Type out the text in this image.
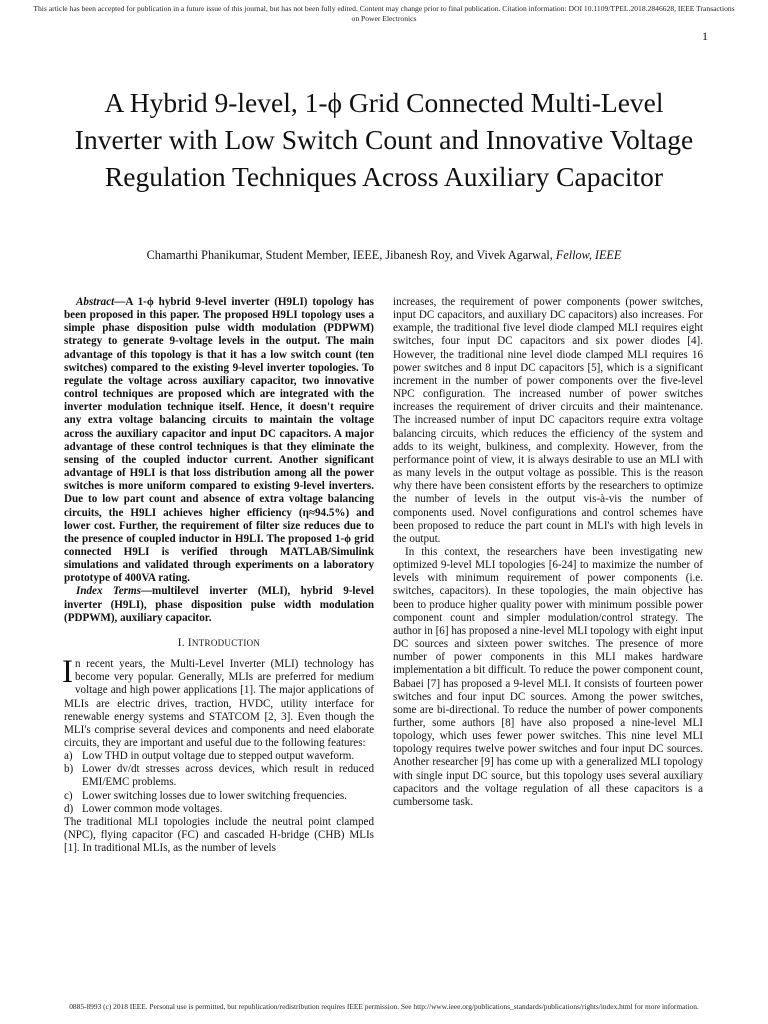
This article has been accepted for publication in a future issue of this journal, but has not been fully edited. Content may change prior to final publication. Citation information: DOI 10.1109/TPEL.2018.2846628, IEEE Transactions on Power Electronics
1
A Hybrid 9-level, 1-ϕ Grid Connected Multi-Level Inverter with Low Switch Count and Innovative Voltage Regulation Techniques Across Auxiliary Capacitor
Chamarthi Phanikumar, Student Member, IEEE, Jibanesh Roy, and Vivek Agarwal, Fellow, IEEE

Abstract—A 1-ϕ hybrid 9-level inverter (H9LI) topology has been proposed in this paper. The proposed H9LI topology uses a simple phase disposition pulse width modulation (PDPWM) strategy to generate 9-voltage levels in the output. The main advantage of this topology is that it has a low switch count (ten switches) compared to the existing 9-level inverter topologies. To regulate the voltage across auxiliary capacitor, two innovative control techniques are proposed which are integrated with the inverter modulation technique itself. Hence, it doesn't require any extra voltage balancing circuits to maintain the voltage across the auxiliary capacitor and input DC capacitors. A major advantage of these control techniques is that they eliminate the sensing of the coupled inductor current. Another significant advantage of H9LI is that loss distribution among all the power switches is more uniform compared to existing 9-level inverters. Due to low part count and absence of extra voltage balancing circuits, the H9LI achieves higher efficiency (η≈94.5%) and lower cost. Further, the requirement of filter size reduces due to the presence of coupled inductor in H9LI. The proposed 1-ϕ grid connected H9LI is verified through MATLAB/Simulink simulations and validated through experiments on a laboratory prototype of 400VA rating.

Index Terms—multilevel inverter (MLI), hybrid 9-level inverter (H9LI), phase disposition pulse width modulation (PDPWM), auxiliary capacitor.

I. INTRODUCTION

In recent years, the Multi-Level Inverter (MLI) technology has become very popular. Generally, MLIs are preferred for medium voltage and high power applications [1]. The major applications of MLIs are electric drives, traction, HVDC, utility interface for renewable energy systems and STATCOM [2, 3]. Even though the MLI's comprise several devices and components and need elaborate circuits, they are important and useful due to the following features:

a) Low THD in output voltage due to stepped output waveform.
b) Lower dv/dt stresses across devices, which result in reduced EMI/EMC problems.
c) Lower switching losses due to lower switching frequencies.
d) Lower common mode voltages.

The traditional MLI topologies include the neutral point clamped (NPC), flying capacitor (FC) and cascaded H-bridge (CHB) MLIs [1]. In traditional MLIs, as the number of levels

increases, the requirement of power components (power switches, input DC capacitors, and auxiliary DC capacitors) also increases. For example, the traditional five level diode clamped MLI requires eight switches, four input DC capacitors and six power diodes [4]. However, the traditional nine level diode clamped MLI requires 16 power switches and 8 input DC capacitors [5], which is a significant increment in the number of power components over the five-level NPC configuration. The increased number of power switches increases the requirement of driver circuits and their maintenance. The increased number of input DC capacitors require extra voltage balancing circuits, which reduces the efficiency of the system and adds to its weight, bulkiness, and complexity. However, from the performance point of view, it is always desirable to use an MLI with as many levels in the output voltage as possible. This is the reason why there have been consistent efforts by the researchers to optimize the number of levels in the output vis-à-vis the number of components used. Novel configurations and control schemes have been proposed to reduce the part count in MLI's with high levels in the output.

In this context, the researchers have been investigating new optimized 9-level MLI topologies [6-24] to maximize the number of levels with minimum requirement of power components (i.e. switches, capacitors). In these topologies, the main objective has been to produce higher quality power with minimum possible power component count and simpler modulation/control strategy. The author in [6] has proposed a nine-level MLI topology with eight input DC sources and sixteen power switches. The presence of more number of power components in this MLI makes hardware implementation a bit difficult. To reduce the power component count, Babaei [7] has proposed a 9-level MLI. It consists of fourteen power switches and four input DC sources. Among the power switches, some are bi-directional. To reduce the number of power components further, some authors [8] have also proposed a nine-level MLI topology, which uses fewer power switches. This nine level MLI topology requires twelve power switches and four input DC sources. Another researcher [9] has come up with a generalized MLI topology with single input DC source, but this topology uses several auxiliary capacitors and the voltage regulation of all these capacitors is a cumbersome task.

0885-8993 (c) 2018 IEEE. Personal use is permitted, but republication/redistribution requires IEEE permission. See http://www.ieee.org/publications_standards/publications/rights/index.html for more information.
